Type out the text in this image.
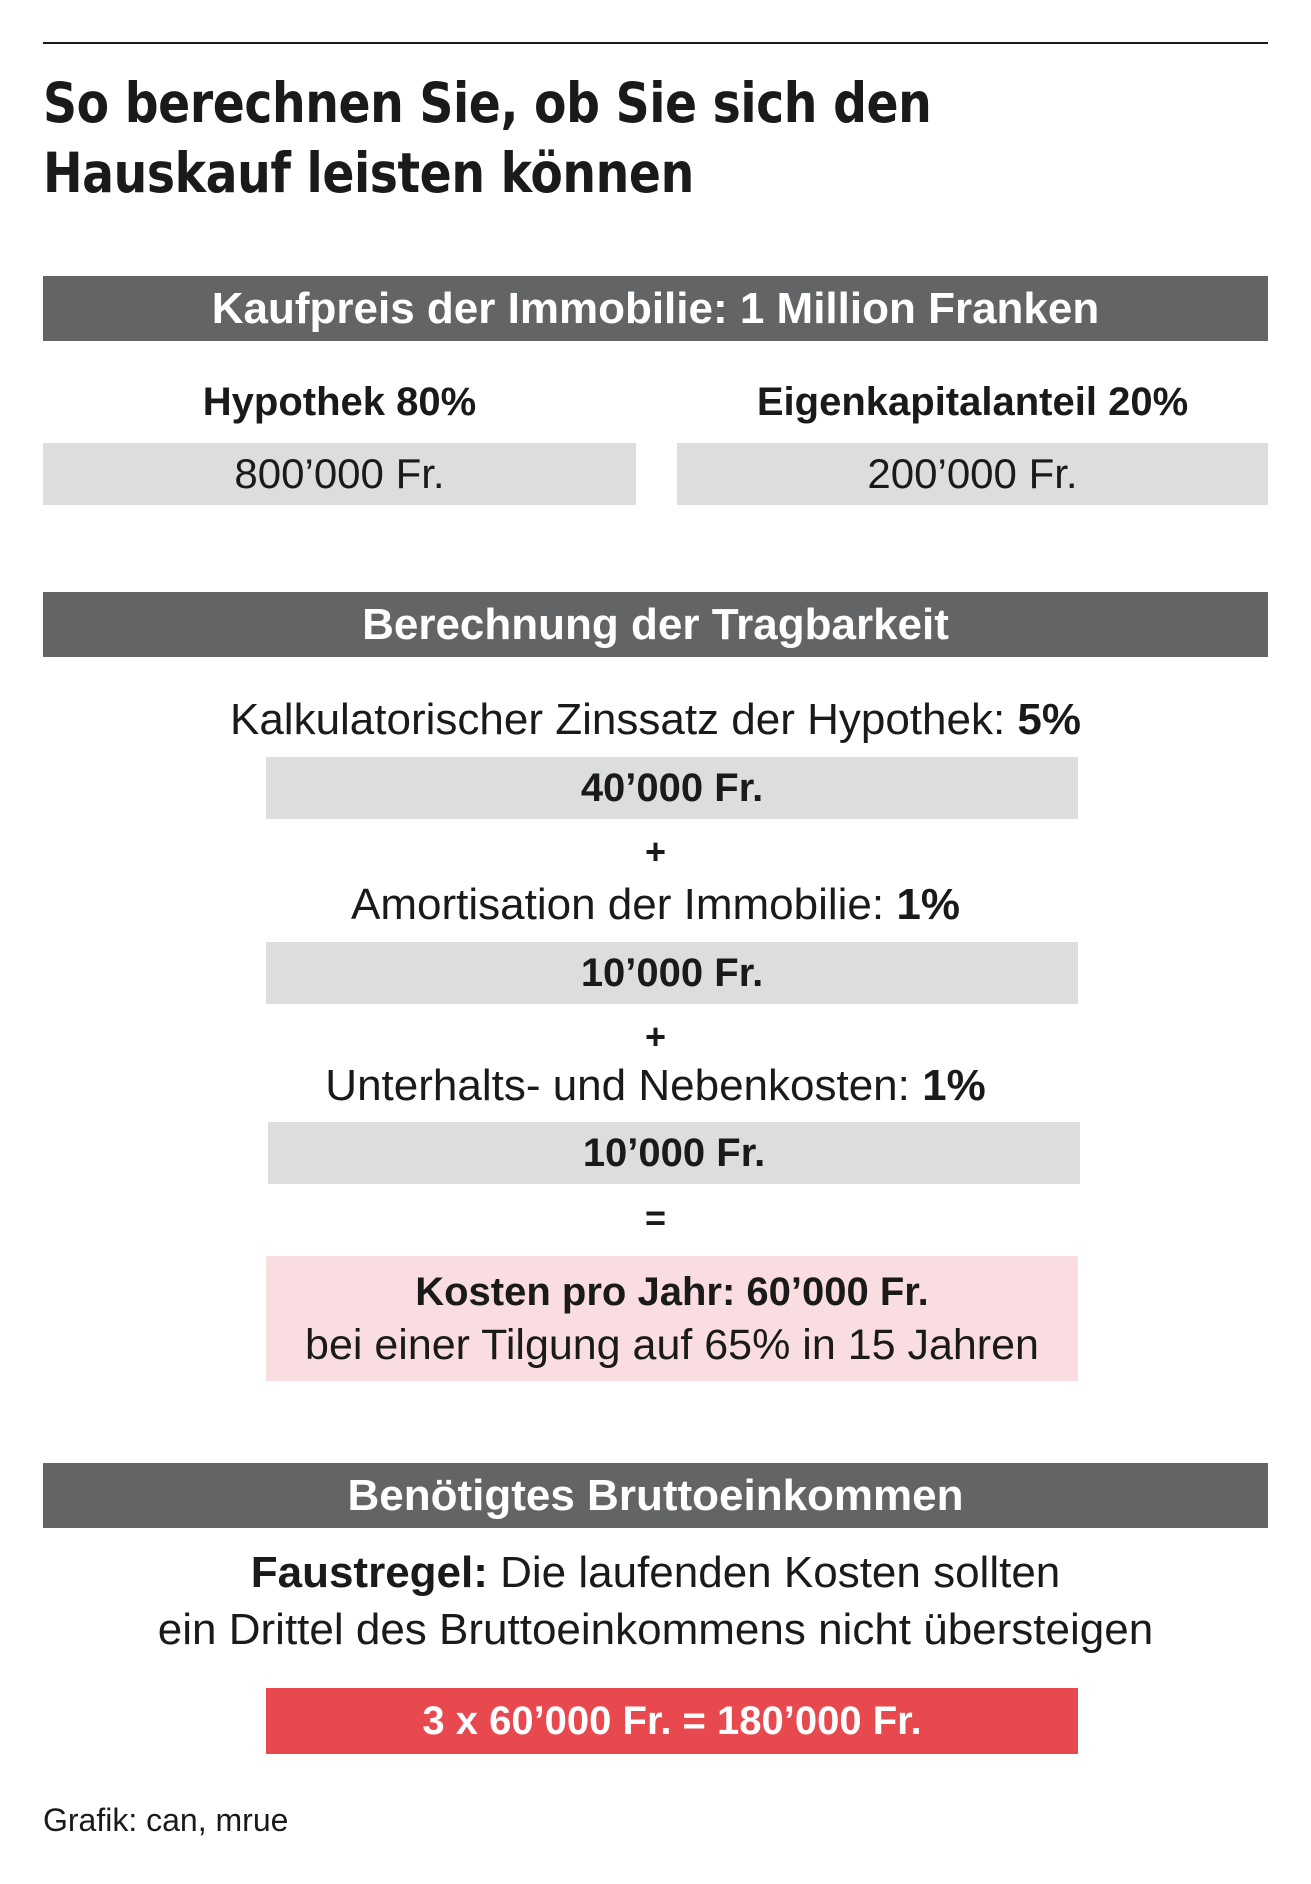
So berechnen Sie, ob Sie sich den Hauskauf leisten können
Kaufpreis der Immobilie: 1 Million Franken
Hypothek 80%
800’000 Fr.
Eigenkapitalanteil 20%
200’000 Fr.
Berechnung der Tragbarkeit
Kalkulatorischer Zinssatz der Hypothek: 5%
40’000 Fr.
+
Amortisation der Immobilie: 1%
10’000 Fr.
+
Unterhalts- und Nebenkosten: 1%
10’000 Fr.
=
Kosten pro Jahr: 60’000 Fr.
bei einer Tilgung auf 65% in 15 Jahren
Benötigtes Bruttoeinkommen
Faustregel: Die laufenden Kosten sollten
ein Drittel des Bruttoeinkommens nicht übersteigen
3 x 60’000 Fr. = 180’000 Fr.
Grafik: can, mrue
